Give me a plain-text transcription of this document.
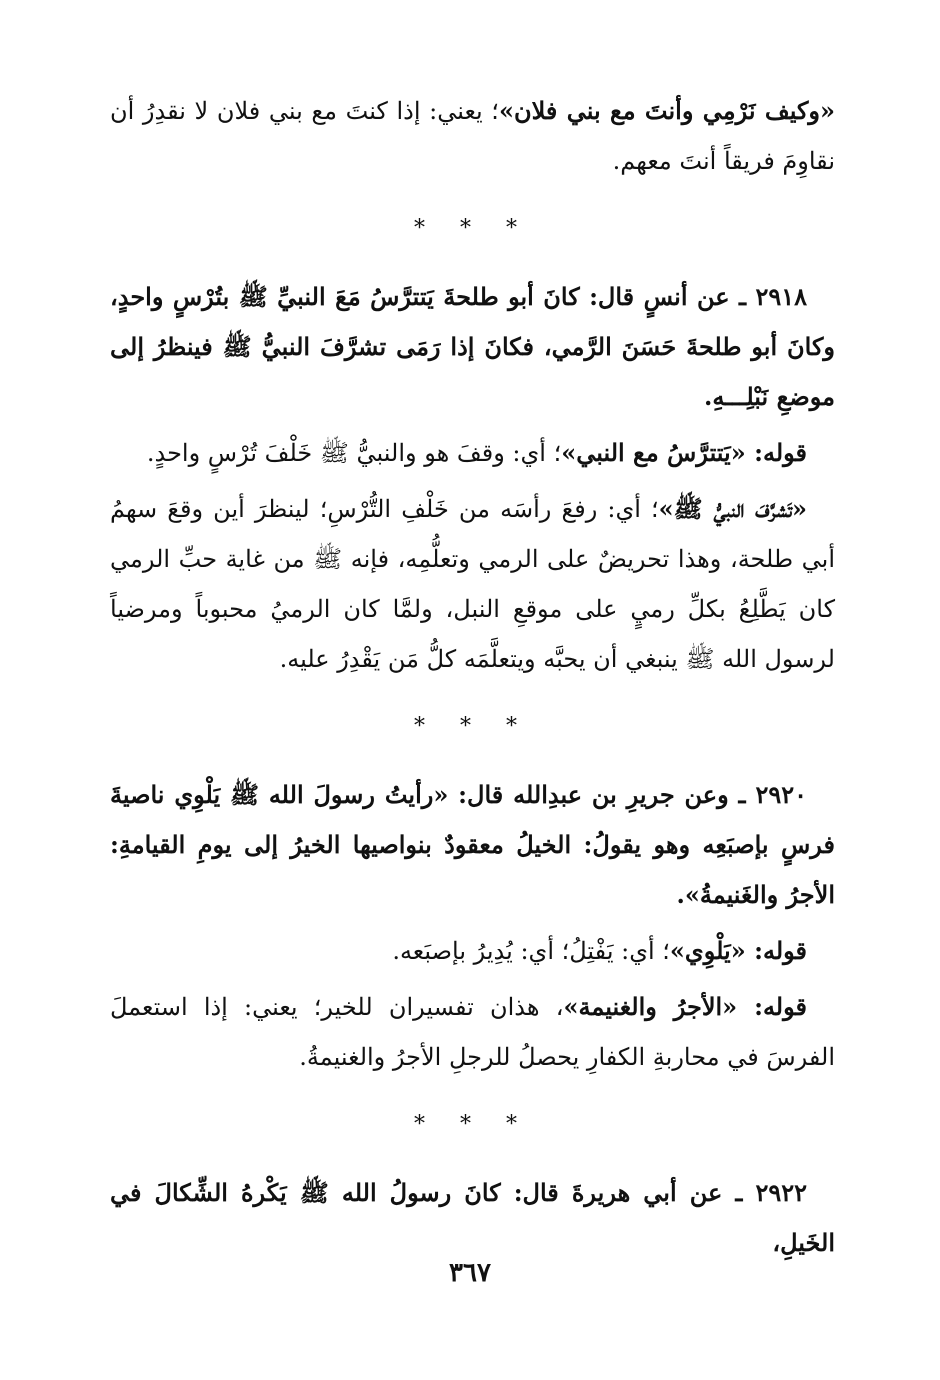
«وكيف نَرْمِي وأنتَ مع بني فلان»؛ يعني: إذا كنتَ مع بني فلان لا نقدِرُ أن نقاوِمَ فريقاً أنتَ معهم.

* * *

٢٩١٨ ـ عن أنسٍ قال: كانَ أبو طلحةَ يَتترَّسُ مَعَ النبيِّ ﷺ بتُرْسٍ واحدٍ، وكانَ أبو طلحةَ حَسَنَ الرَّمي، فكانَ إذا رَمَى تشرَّفَ النبيُّ ﷺ فينظرُ إلى موضعِ نَبْلِـــهِ.

قوله: «يَتترَّسُ مع النبي»؛ أي: وقفَ هو والنبيُّ ﷺ خَلْفَ تُرْسٍ واحدٍ.

«تَشرَّفَ النبيُّ ﷺ»؛ أي: رفعَ رأسَه من خَلْفِ التُّرْسِ؛ لينظرَ أين وقعَ سهمُ أبي طلحة، وهذا تحريضٌ على الرمي وتعلُّمِه، فإنه ﷺ من غاية حبِّ الرمي كان يَطَّلِعُ بكلِّ رميٍ على موقعِ النبل، ولمَّا كان الرميُ محبوباً ومرضياً لرسول الله ﷺ ينبغي أن يحبَّه ويتعلَّمَه كلُّ مَن يَقْدِرُ عليه.

* * *

٢٩٢٠ ـ وعن جريرِ بن عبدِالله قال: «رأيتُ رسولَ الله ﷺ يَلْوِي ناصيةَ فرسٍ بإصبَعِه وهو يقولُ: الخيلُ معقودٌ بنواصيها الخيرُ إلى يومِ القيامةِ: الأجرُ والغَنيمةُ».

قوله: «يَلْوِي»؛ أي: يَفْتِلُ؛ أي: يُدِيرُ بإصبَعه.

قوله: «الأجرُ والغنيمة»، هذان تفسيران للخير؛ يعني: إذا استعملَ الفرسَ في محاربةِ الكفارِ يحصلُ للرجلِ الأجرُ والغنيمةُ.

* * *

٢٩٢٢ ـ عن أبي هريرةَ قال: كانَ رسولُ الله ﷺ يَكْرهُ الشِّكالَ في الخَيلِ،

٣٦٧
